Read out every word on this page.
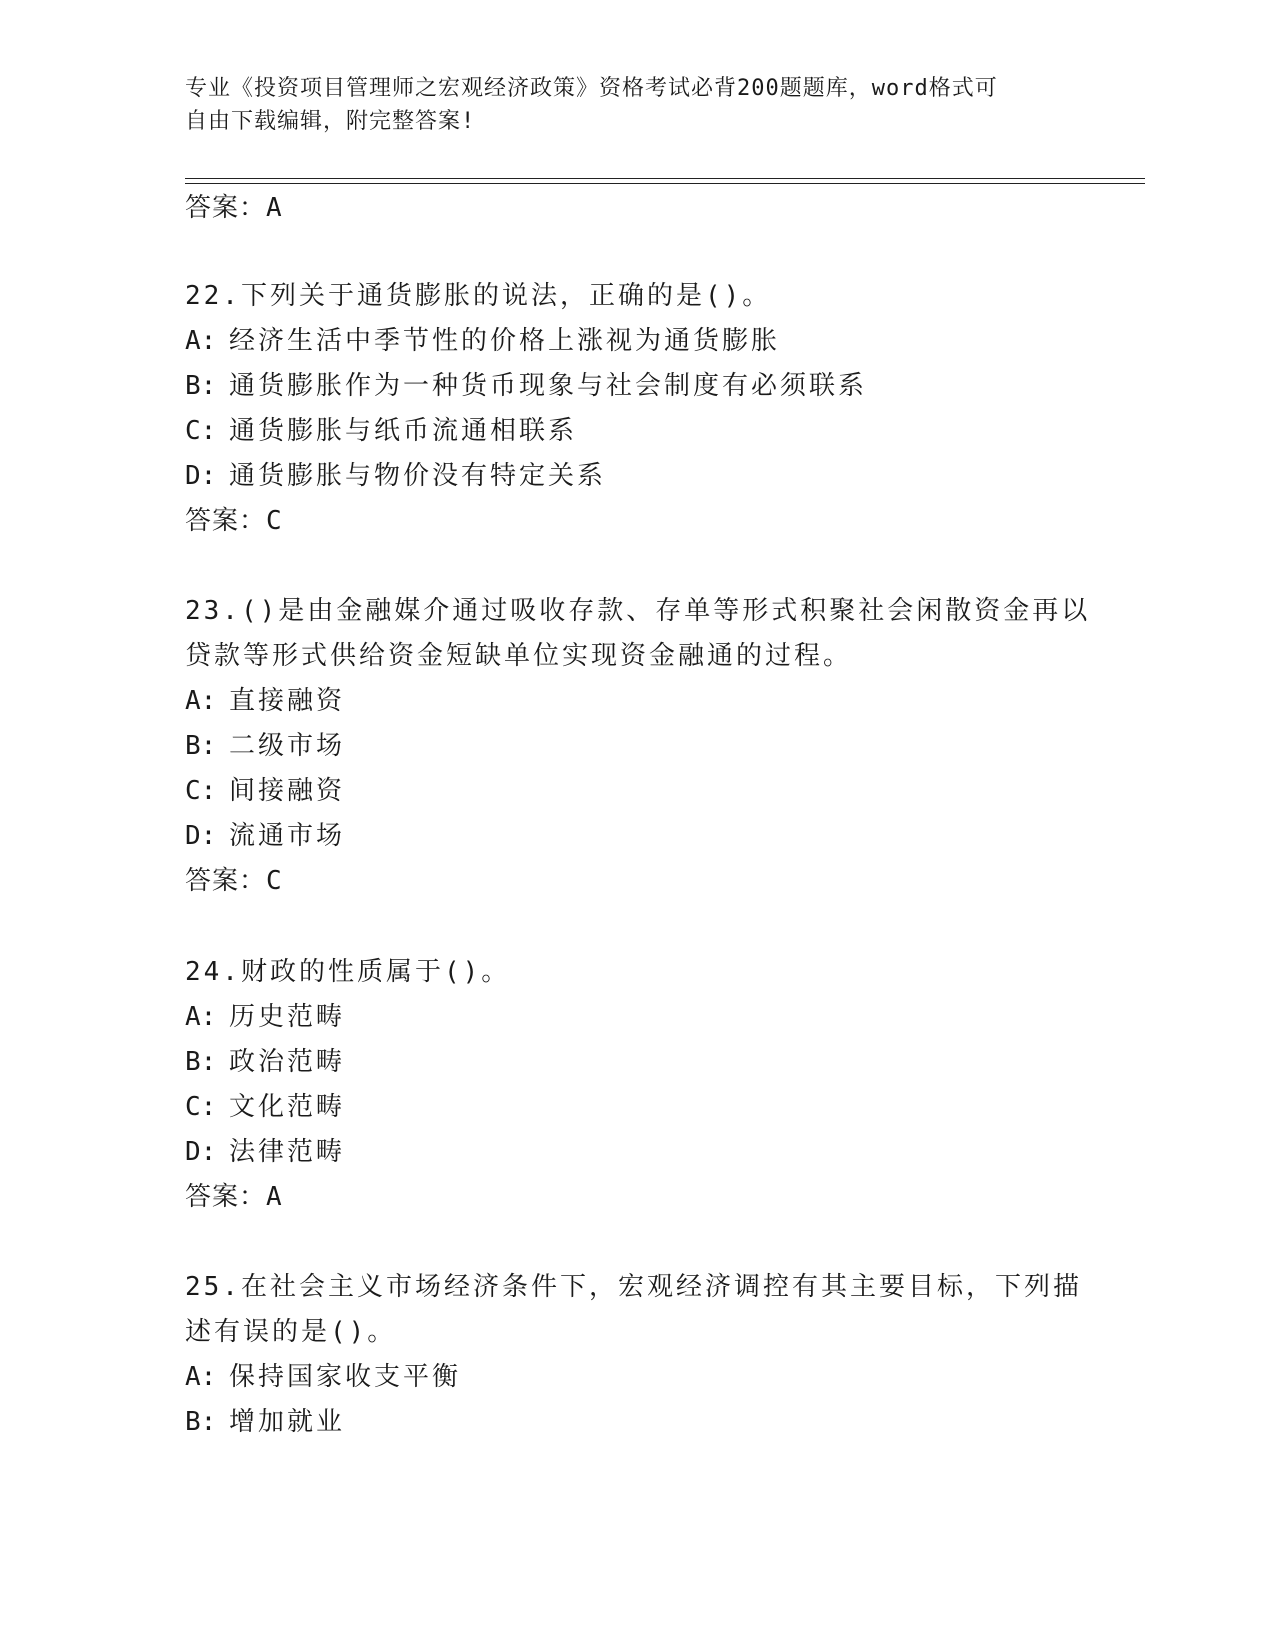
专业《投资项目管理师之宏观经济政策》资格考试必背200题题库，word格式可
自由下载编辑，附完整答案!
答案：A
22.下列关于通货膨胀的说法，正确的是()。
A: 经济生活中季节性的价格上涨视为通货膨胀
B: 通货膨胀作为一种货币现象与社会制度有必须联系
C: 通货膨胀与纸币流通相联系
D: 通货膨胀与物价没有特定关系
答案：C
23.()是由金融媒介通过吸收存款、存单等形式积聚社会闲散资金再以
贷款等形式供给资金短缺单位实现资金融通的过程。
A: 直接融资
B: 二级市场
C: 间接融资
D: 流通市场
答案：C
24.财政的性质属于()。
A: 历史范畴
B: 政治范畴
C: 文化范畴
D: 法律范畴
答案：A
25.在社会主义市场经济条件下，宏观经济调控有其主要目标，下列描
述有误的是()。
A: 保持国家收支平衡
B: 增加就业
